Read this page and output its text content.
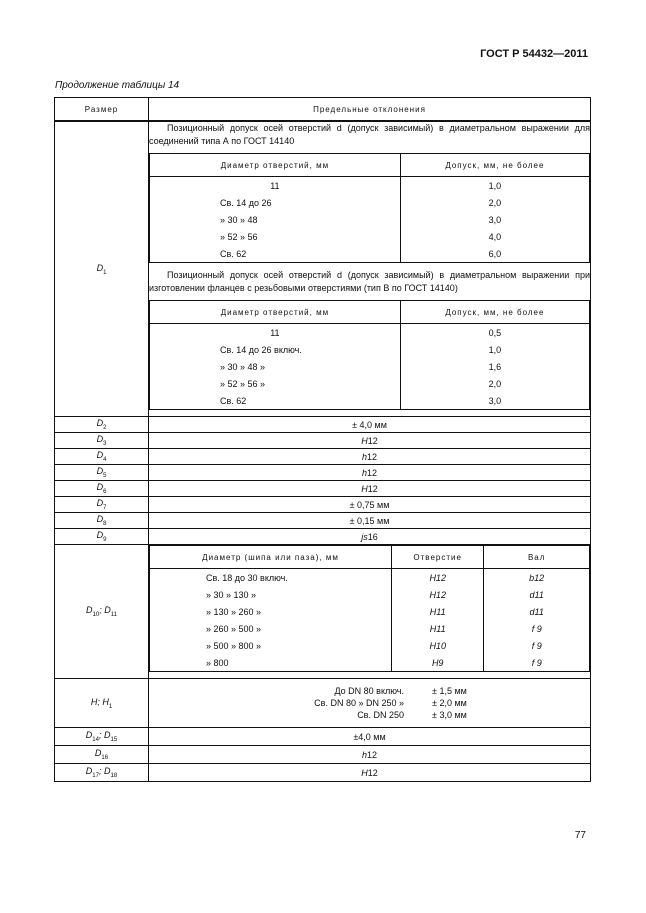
ГОСТ Р 54432—2011
Продолжение таблицы 14
Размер	Предельные отклонения
$D_1$	

Позиционный допуск осей отверстий d (допуск зависимый) в диаметральном выражении для соединений типа А по ГОСТ 14140

Диаметр отверстий, мм	Допуск, мм, не более
11	1,0
Св. 14 до 26	2,0
» 30 » 48	3,0
» 52 » 56	4,0
Св. 62	6,0

Позиционный допуск осей отверстий d (допуск зависимый) в диаметральном выражении при изготовлении фланцев с резьбовыми отверстиями (тип В по ГОСТ 14140)

Диаметр отверстий, мм	Допуск, мм, не более
11	0,5
Св. 14 до 26 включ.	1,0
» 30 » 48 »	1,6
» 52 » 56 »	2,0
Св. 62	3,0

$D_2$	± 4,0 мм
$D_3$	H12
$D_4$	h12
$D_5$	h12
$D_6$	H12
$D_7$	± 0,75 мм
$D_8$	± 0,15 мм
$D_9$	js16
$D_{10}$; $D_{11}$	
Диаметр (шипа или паза), мм	Отверстие	Вал
Св. 18 до 30 включ.	H12	b12
» 30 » 130 »	H12	d11
» 130 » 260 »	H11	d11
» 260 » 500 »	H11	f 9
» 500 » 800 »	H10	f 9
» 800	H9	f 9

H; $H_1$	
До DN 80 включ.	± 1,5 мм
Св. DN 80 » DN 250 »	± 2,0 мм
Св. DN 250	± 3,0 мм

$D_{14}$; $D_{15}$	±4,0 мм
$D_{16}$	h12
$D_{17}$; $D_{18}$	H12
77
